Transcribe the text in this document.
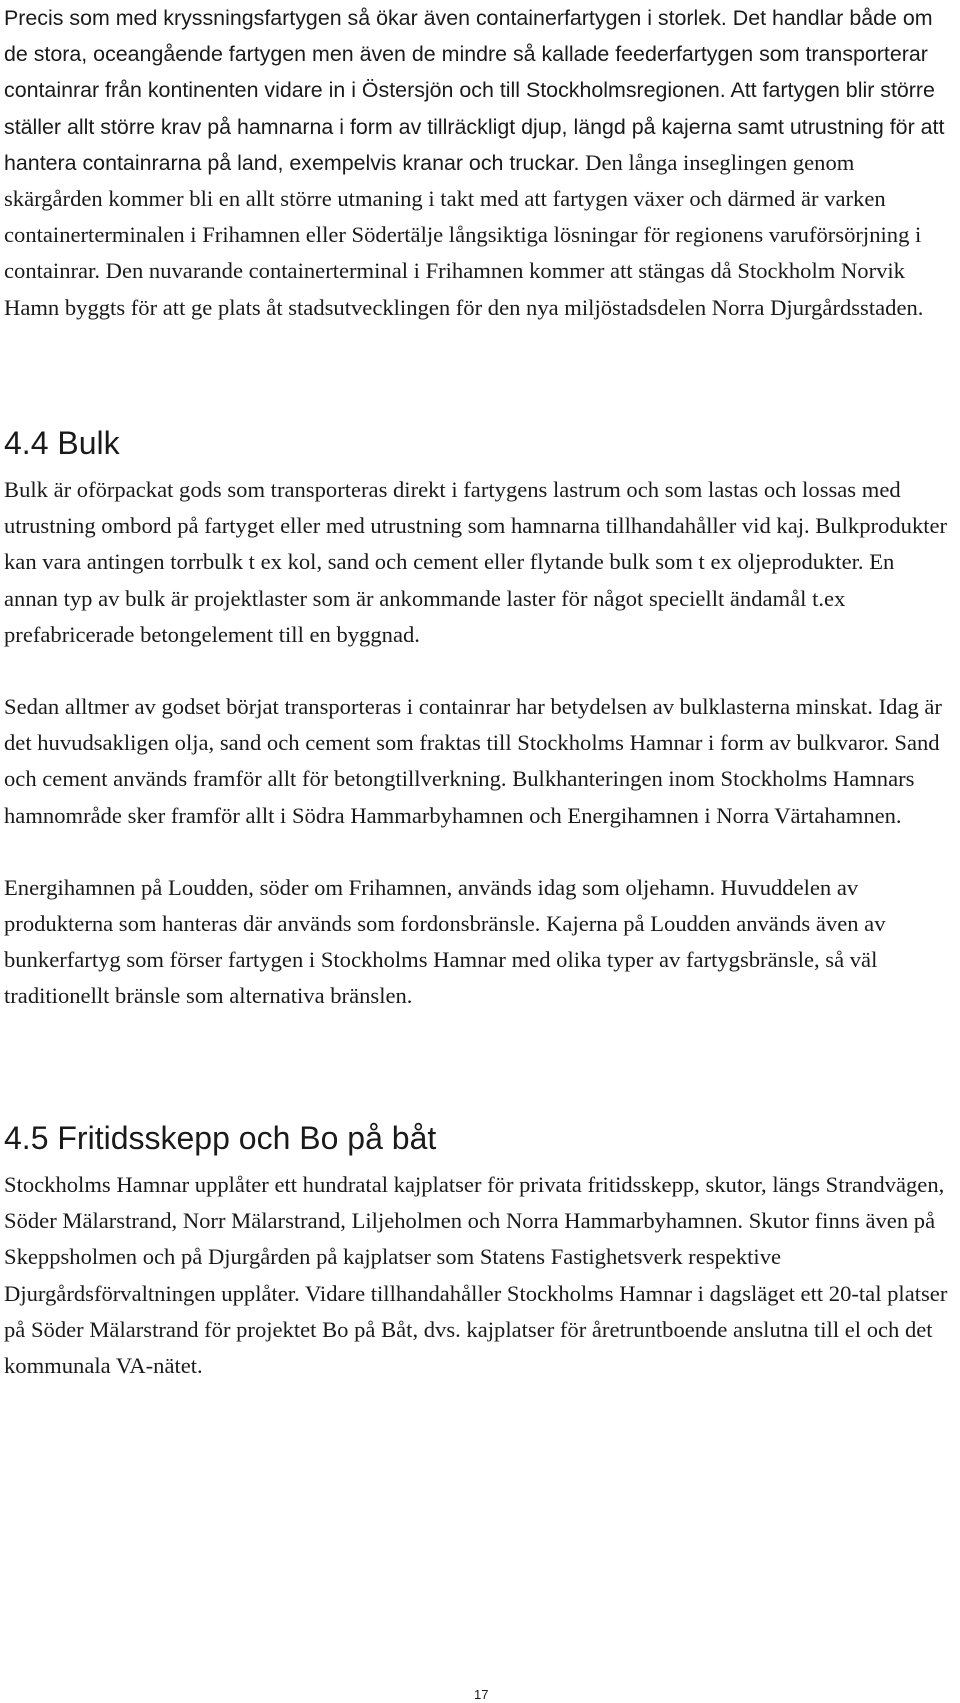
Precis som med kryssningsfartygen så ökar även containerfartygen i storlek. Det handlar både om de stora, oceangående fartygen men även de mindre så kallade feederfartygen som transporterar containrar från kontinenten vidare in i Östersjön och till Stockholmsregionen. Att fartygen blir större ställer allt större krav på hamnarna i form av tillräckligt djup, längd på kajerna samt utrustning för att hantera containrarna på land, exempelvis kranar och truckar. Den långa inseglingen genom skärgården kommer bli en allt större utmaning i takt med att fartygen växer och därmed är varken containerterminalen i Frihamnen eller Södertälje långsiktiga lösningar för regionens varuförsörjning i containrar. Den nuvarande containerterminal i Frihamnen kommer att stängas då Stockholm Norvik Hamn byggts för att ge plats åt stadsutvecklingen för den nya miljöstadsdelen Norra Djurgårdsstaden.

4.4 Bulk

Bulk är oförpackat gods som transporteras direkt i fartygens lastrum och som lastas och lossas med utrustning ombord på fartyget eller med utrustning som hamnarna tillhandahåller vid kaj. Bulkprodukter kan vara antingen torrbulk t ex kol, sand och cement eller flytande bulk som t ex oljeprodukter. En annan typ av bulk är projektlaster som är ankommande laster för något speciellt ändamål t.ex prefabricerade betongelement till en byggnad.

Sedan alltmer av godset börjat transporteras i containrar har betydelsen av bulklasterna minskat. Idag är det huvudsakligen olja, sand och cement som fraktas till Stockholms Hamnar i form av bulkvaror. Sand och cement används framför allt för betongtillverkning. Bulkhanteringen inom Stockholms Hamnars hamnområde sker framför allt i Södra Hammarbyhamnen och Energihamnen i Norra Värtahamnen.

Energihamnen på Loudden, söder om Frihamnen, används idag som oljehamn. Huvuddelen av produkterna som hanteras där används som fordonsbränsle. Kajerna på Loudden används även av bunkerfartyg som förser fartygen i Stockholms Hamnar med olika typer av fartygsbränsle, så väl traditionellt bränsle som alternativa bränslen.

4.5 Fritidsskepp och Bo på båt

Stockholms Hamnar upplåter ett hundratal kajplatser för privata fritidsskepp, skutor, längs Strandvägen, Söder Mälarstrand, Norr Mälarstrand, Liljeholmen och Norra Hammarbyhamnen. Skutor finns även på Skeppsholmen och på Djurgården på kajplatser som Statens Fastighetsverk respektive Djurgårdsförvaltningen upplåter. Vidare tillhandahåller Stockholms Hamnar i dagsläget ett 20-tal platser på Söder Mälarstrand för projektet Bo på Båt, dvs. kajplatser för åretruntboende anslutna till el och det kommunala VA-nätet.

17
